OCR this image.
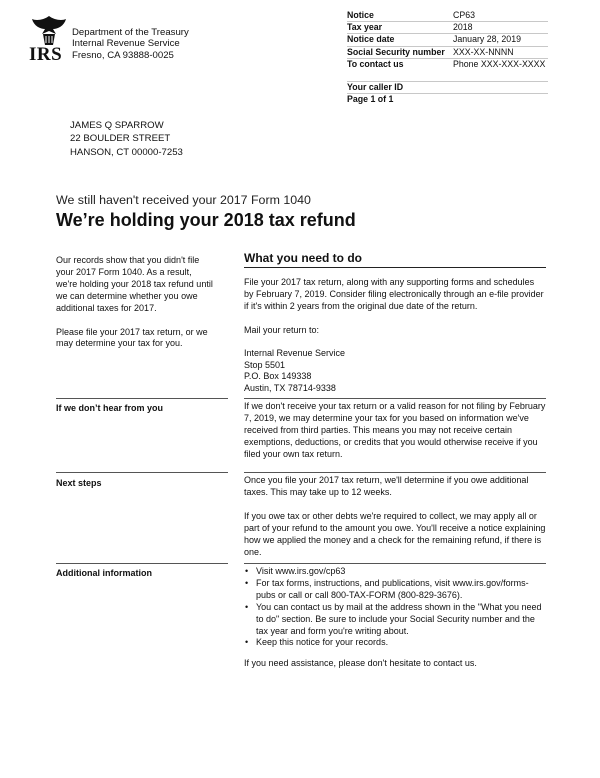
IRS
Department of the Treasury
Internal Revenue Service
Fresno, CA 93888-0025
Notice	CP63
Tax year	2018
Notice date	January 28, 2019
Social Security number XXX-XX-NNNN
To contact us	Phone XXX-XXX-XXXX
Your caller ID
Page 1 of 1
JAMES Q SPARROW
22 BOULDER STREET
HANSON, CT 00000-7253
We still haven't received your 2017 Form 1040
We’re holding your 2018 tax refund

Our records show that you didn't file your 2017 Form 1040. As a result, we're holding your 2018 tax refund until we can determine whether you owe additional taxes for 2017.

Please file your 2017 tax return, or we may determine your tax for you.

What you need to do

File your 2017 tax return, along with any supporting forms and schedules by February 7, 2019. Consider filing electronically through an e-file provider if it's within 2 years from the original due date of the return.

Mail your return to:

Internal Revenue Service
Stop 5501
P.O. Box 149338
Austin, TX 78714-9338
If we don’t hear from you	If we don't receive your tax return or a valid reason for not filing by February 7, 2019, we may determine your tax for you based on information we've received from third parties. This means you may not receive certain exemptions, deductions, or credits that you would otherwise receive if you filed your own tax return.

Next steps	Once you file your 2017 tax return, we'll determine if you owe additional taxes. This may take up to 12 weeks.

If you owe tax or other debts we're required to collect, we may apply all or part of your refund to the amount you owe. You'll receive a notice explaining how we applied the money and a check for the remaining refund, if there is one.

Additional information
•	Visit www.irs.gov/cp63
• For tax forms, instructions, and publications, visit www.irs.gov/forms-pubs or call or call 800-TAX-FORM (800-829-3676).
• You can contact us by mail at the address shown in the "What you need to do" section. Be sure to include your Social Security number and the tax year and form you're writing about.
• Keep this notice for your records.

If you need assistance, please don't hesitate to contact us.
